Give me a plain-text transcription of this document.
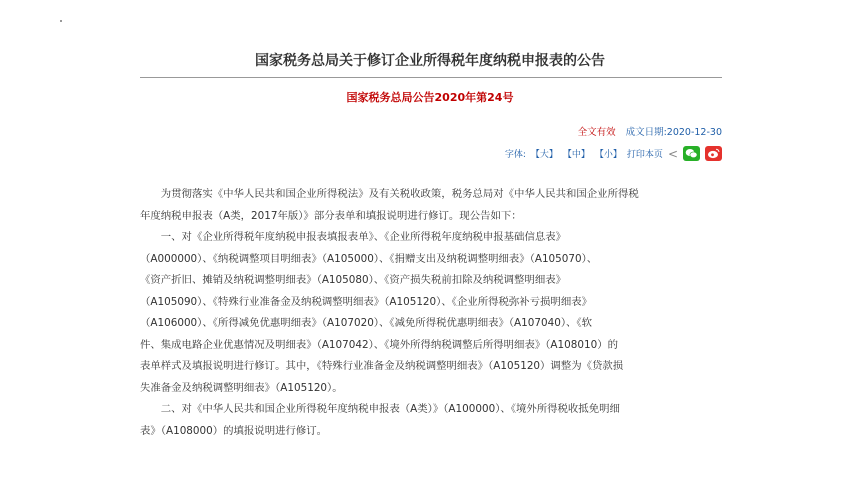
国家税务总局关于修订企业所得税年度纳税申报表的公告
国家税务总局公告2020年第24号
全文有效 成文日期:2020-12-30
字体: 【大】 【中】 【小】 打印本页 <
　　为贯彻落实《中华人民共和国企业所得税法》及有关税收政策，税务总局对《中华人民共和国企业所得税
年度纳税申报表（A类，2017年版）》部分表单和填报说明进行修订。现公告如下：
　　一、对《企业所得税年度纳税申报表填报表单》、《企业所得税年度纳税申报基础信息表》
（A000000）、《纳税调整项目明细表》（A105000）、《捐赠支出及纳税调整明细表》（A105070）、
《资产折旧、摊销及纳税调整明细表》（A105080）、《资产损失税前扣除及纳税调整明细表》
（A105090）、《特殊行业准备金及纳税调整明细表》（A105120）、《企业所得税弥补亏损明细表》
（A106000）、《所得减免优惠明细表》（A107020）、《减免所得税优惠明细表》（A107040）、《软
件、集成电路企业优惠情况及明细表》（A107042）、《境外所得纳税调整后所得明细表》（A108010）的
表单样式及填报说明进行修订。其中，《特殊行业准备金及纳税调整明细表》（A105120）调整为《贷款损
失准备金及纳税调整明细表》（A105120）。
　　二、对《中华人民共和国企业所得税年度纳税申报表（A类）》（A100000）、《境外所得税收抵免明细
表》（A108000）的填报说明进行修订。
